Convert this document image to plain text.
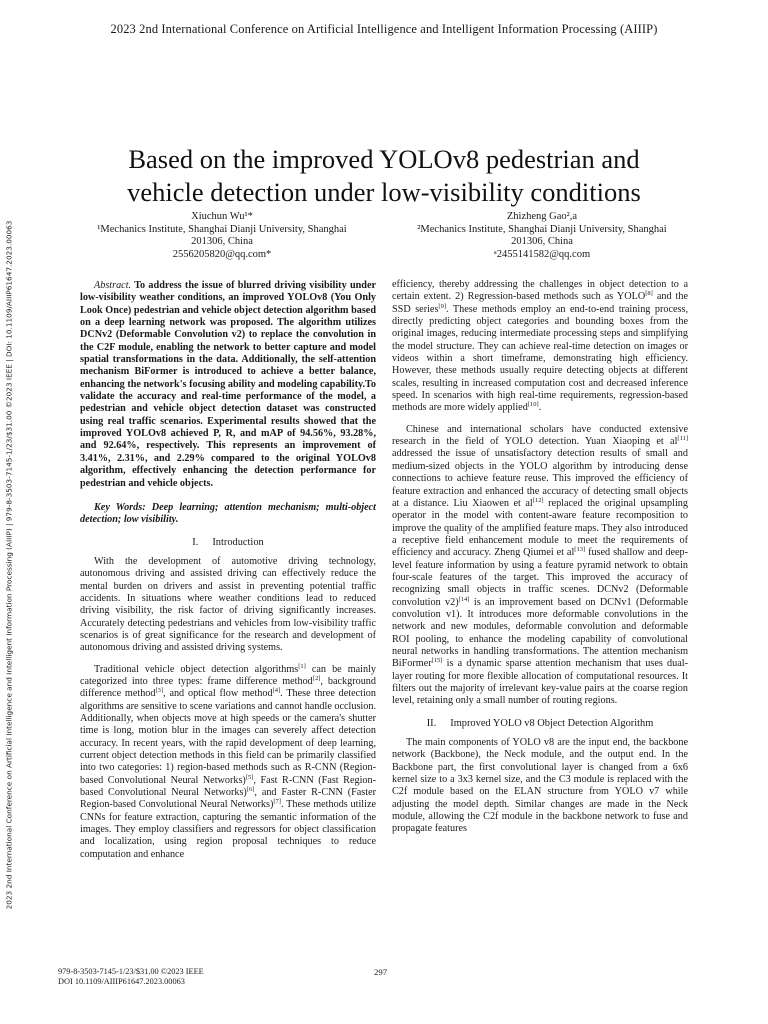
2023 2nd International Conference on Artificial Intelligence and Intelligent Information Processing (AIIIP)
2023 2nd International Conference on Artificial Intelligence and Intelligent Information Processing (AIIIP) | 979-8-3503-7145-1/23/$31.00 ©2023 IEEE | DOI: 10.1109/AIIIP61647.2023.00063
Based on the improved YOLOv8 pedestrian and
vehicle detection under low-visibility conditions
Xiuchun Wu¹*
¹Mechanics Institute, Shanghai Dianji University, Shanghai
201306, China
2556205820@qq.com*
Zhizheng Gao²,a
²Mechanics Institute, Shanghai Dianji University, Shanghai
201306, China
ᵃ2455141582@qq.com

Abstract. To address the issue of blurred driving visibility under low-visibility weather conditions, an improved YOLOv8 (You Only Look Once) pedestrian and vehicle object detection algorithm based on a deep learning network was proposed. The algorithm utilizes DCNv2 (Deformable Convolution v2) to replace the convolution in the C2F module, enabling the network to better capture and model spatial transformations in the data. Additionally, the self-attention mechanism BiFormer is introduced to achieve a better balance, enhancing the network's focusing ability and modeling capability.To validate the accuracy and real-time performance of the model, a pedestrian and vehicle object detection dataset was constructed using real traffic scenarios. Experimental results showed that the improved YOLOv8 achieved P, R, and mAP of 94.56%, 93.28%, and 92.64%, respectively. This represents an improvement of 3.41%, 2.31%, and 2.29% compared to the original YOLOv8 algorithm, effectively enhancing the detection performance for pedestrian and vehicle objects.

Key Words: Deep learning; attention mechanism; multi-object detection; low visibility.

I. Introduction

With the development of automotive driving technology, autonomous driving and assisted driving can effectively reduce the mental burden on drivers and assist in preventing potential traffic accidents. In situations where weather conditions lead to reduced driving visibility, the risk factor of driving significantly increases. Accurately detecting pedestrians and vehicles from low-visibility traffic scenarios is of great significance for the research and development of autonomous driving and assisted driving systems.

Traditional vehicle object detection algorithms[1] can be mainly categorized into three types: frame difference method[2], background difference method[3], and optical flow method[4]. These three detection algorithms are sensitive to scene variations and cannot handle occlusion. Additionally, when objects move at high speeds or the camera's shutter time is long, motion blur in the images can severely affect detection accuracy. In recent years, with the rapid development of deep learning, current object detection methods in this field can be primarily classified into two categories: 1) region-based methods such as R-CNN (Region-based Convolutional Neural Networks)[5], Fast R-CNN (Fast Region-based Convolutional Neural Networks)[6], and Faster R-CNN (Faster Region-based Convolutional Neural Networks)[7]. These methods utilize CNNs for feature extraction, capturing the semantic information of the images. They employ classifiers and regressors for object classification and localization, using region proposal techniques to reduce computation and enhance

efficiency, thereby addressing the challenges in object detection to a certain extent. 2) Regression-based methods such as YOLO[8] and the SSD series[9]. These methods employ an end-to-end training process, directly predicting object categories and bounding boxes from the original images, reducing intermediate processing steps and simplifying the model structure. They can achieve real-time detection on images or videos within a short timeframe, demonstrating high efficiency. However, these methods usually require detecting objects at different scales, resulting in increased computation cost and decreased inference speed. In scenarios with high real-time requirements, regression-based methods are more widely applied[10].

Chinese and international scholars have conducted extensive research in the field of YOLO detection. Yuan Xiaoping et al[11] addressed the issue of unsatisfactory detection results of small and medium-sized objects in the YOLO algorithm by introducing dense connections to achieve feature reuse. This improved the efficiency of feature extraction and enhanced the accuracy of detecting small objects at a distance. Liu Xiaowen et al[12] replaced the original upsampling operator in the model with content-aware feature recomposition to improve the quality of the amplified feature maps. They also introduced a receptive field enhancement module to meet the requirements of efficiency and accuracy. Zheng Qiumei et al[13] fused shallow and deep-level feature information by using a feature pyramid network to obtain four-scale features of the target. This improved the accuracy of recognizing small objects in traffic scenes. DCNv2 (Deformable convolution v2)[14] is an improvement based on DCNv1 (Deformable convolution v1). It introduces more deformable convolutions in the network and new modules, deformable convolution and deformable ROI pooling, to enhance the modeling capability of convolutional neural networks in handling transformations. The attention mechanism BiFormer[15] is a dynamic sparse attention mechanism that uses dual-layer routing for more flexible allocation of computational resources. It filters out the majority of irrelevant key-value pairs at the coarse region level, retaining only a small number of routing regions.

II. Improved YOLO v8 Object Detection Algorithm

The main components of YOLO v8 are the input end, the backbone network (Backbone), the Neck module, and the output end. In the Backbone part, the first convolutional layer is changed from a 6x6 kernel size to a 3x3 kernel size, and the C3 module is replaced with the C2f module based on the ELAN structure from YOLO v7 while adjusting the model depth. Similar changes are made in the Neck module, allowing the C2f module in the backbone network to fuse and propagate features

979-8-3503-7145-1/23/$31.00 ©2023 IEEE
DOI 10.1109/AIIIP61647.2023.00063
297
